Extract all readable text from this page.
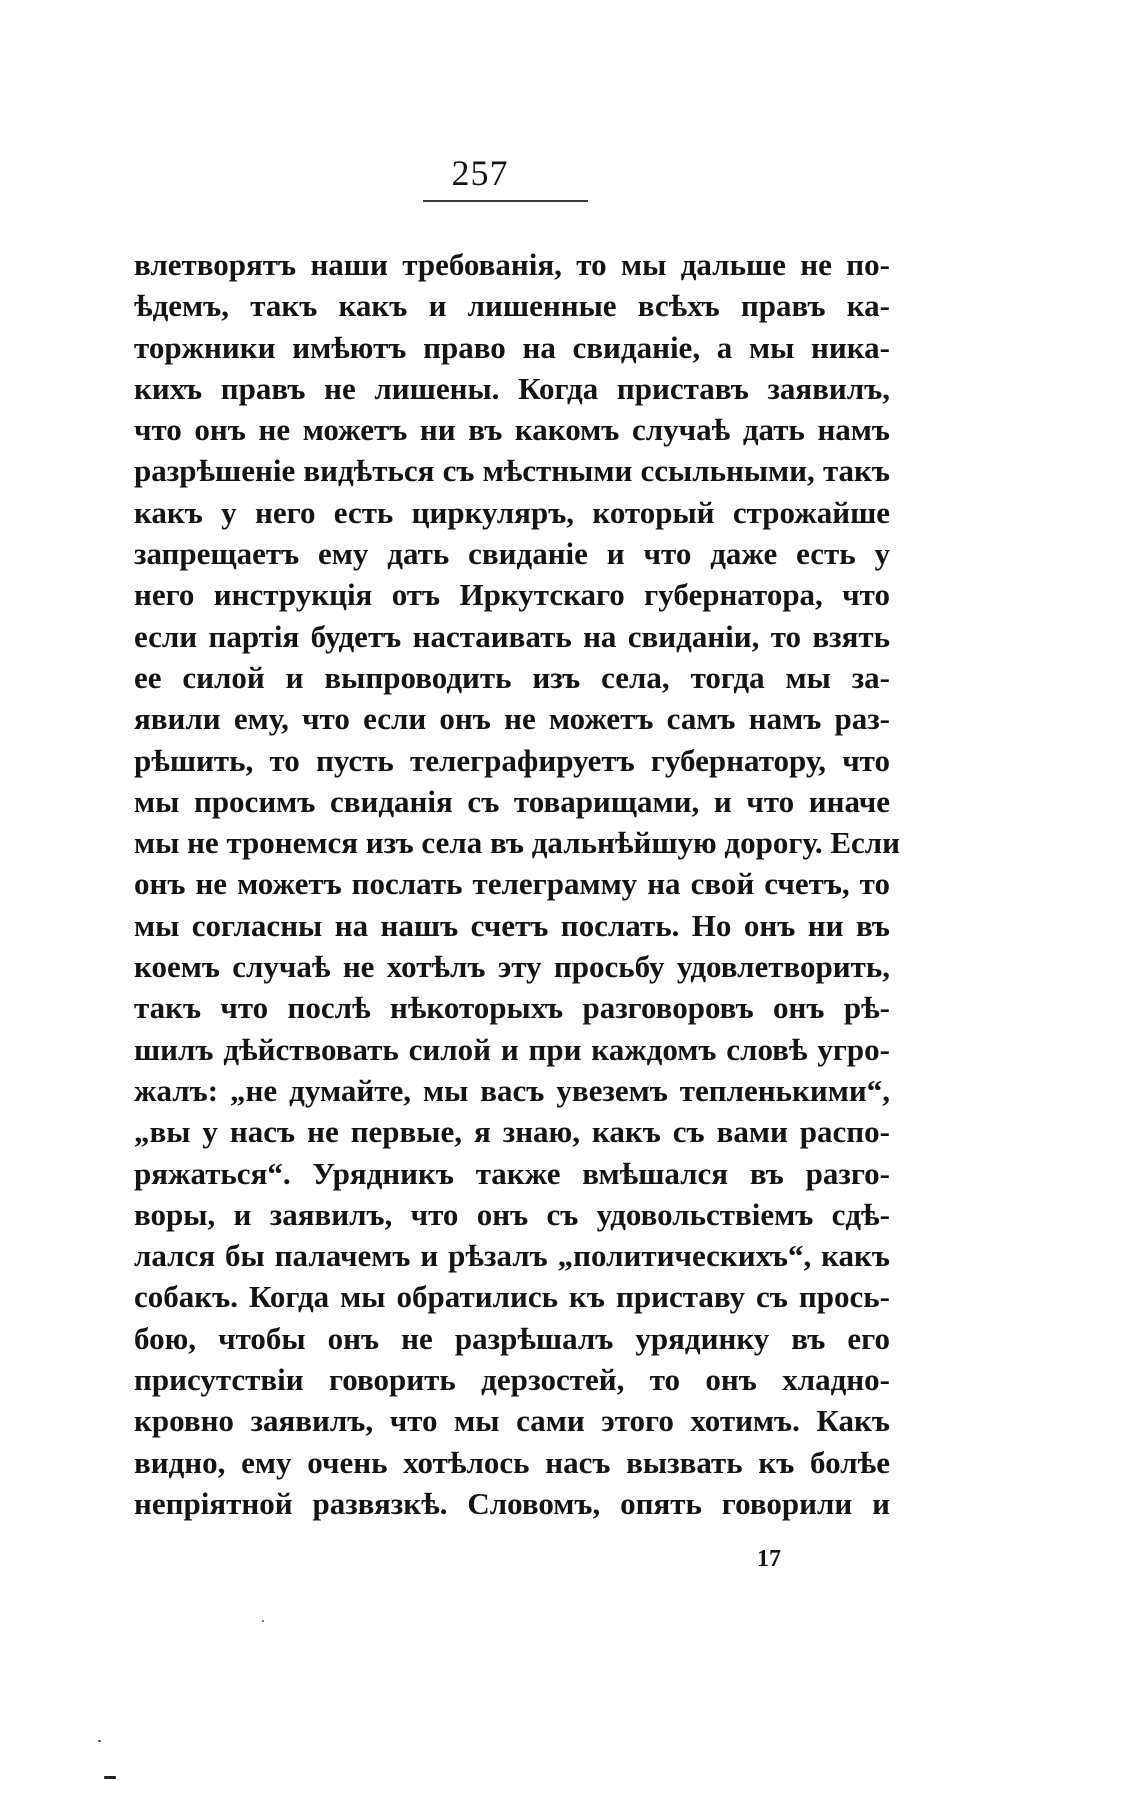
257
влетворятъ наши требованія, то мы дальше не по-
ѣдемъ, такъ какъ и лишенные всѣхъ правъ ка-
торжники имѣютъ право на свиданіе, а мы ника-
кихъ правъ не лишены. Когда приставъ заявилъ,
что онъ не можетъ ни въ какомъ случаѣ дать намъ
разрѣшеніе видѣться съ мѣстными ссыльными, такъ
какъ у него есть циркуляръ, который строжайше
запрещаетъ ему дать свиданіе и что даже есть у
него инструкція отъ Иркутскаго губернатора, что
если партія будетъ настаивать на свиданіи, то взять
ее силой и выпроводить изъ села, тогда мы за-
явили ему, что если онъ не можетъ самъ намъ раз-
рѣшить, то пусть телеграфируетъ губернатору, что
мы просимъ свиданія съ товарищами, и что иначе
мы не тронемся изъ села въ дальнѣйшую дорогу. Если
онъ не можетъ послать телеграмму на свой счетъ, то
мы согласны на нашъ счетъ послать. Но онъ ни въ
коемъ случаѣ не хотѣлъ эту просьбу удовлетворить,
такъ что послѣ нѣкоторыхъ разговоровъ онъ рѣ-
шилъ дѣйствовать силой и при каждомъ словѣ угро-
жалъ: „не думайте, мы васъ увеземъ тепленькими“,
„вы у насъ не первые, я знаю, какъ съ вами распо-
ряжаться“. Урядникъ также вмѣшался въ разго-
воры, и заявилъ, что онъ съ удовольствіемъ сдѣ-
лался бы палачемъ и рѣзалъ „политическихъ“, какъ
собакъ. Когда мы обратились къ приставу съ прось-
бою, чтобы онъ не разрѣшалъ урядинку въ его
присутствіи говорить дерзостей, то онъ хладно-
кровно заявилъ, что мы сами этого хотимъ. Какъ
видно, ему очень хотѣлось насъ вызвать къ болѣе
непріятной развязкѣ. Словомъ, опять говорили и
17
